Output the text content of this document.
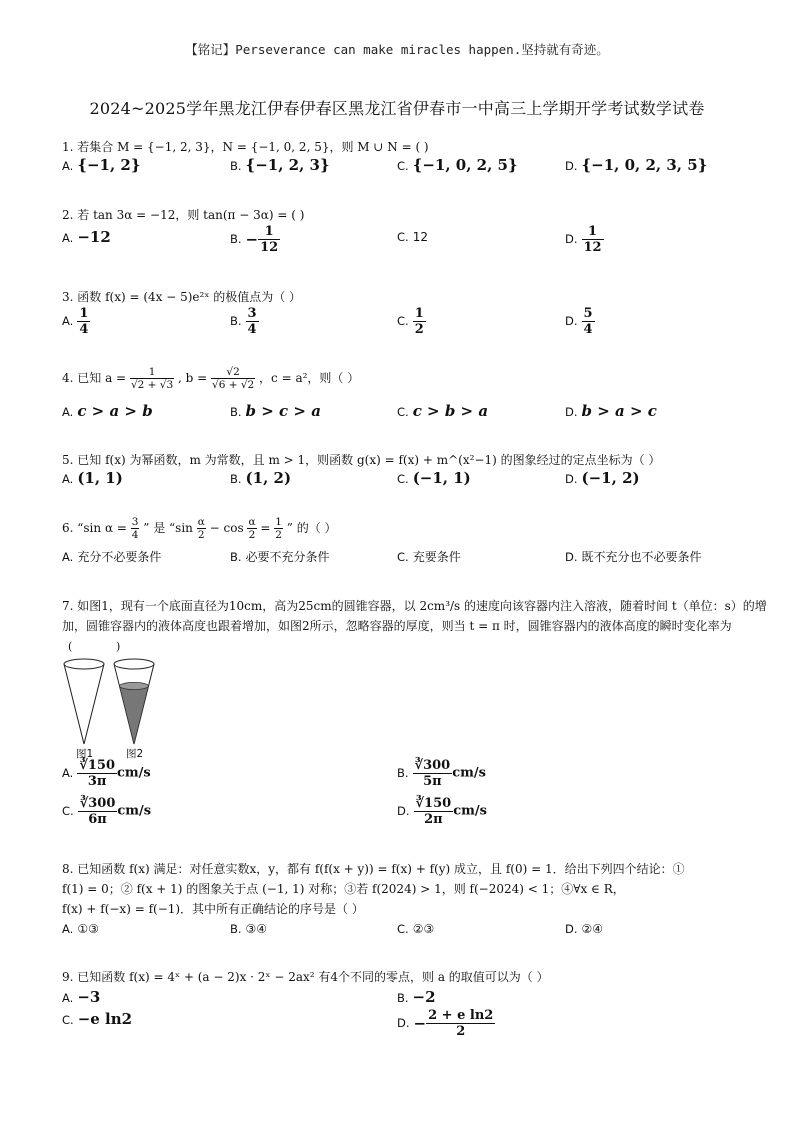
【铭记】Perseverance can make miracles happen.坚持就有奇迹。
2024~2025学年黑龙江伊春伊春区黑龙江省伊春市一中高三上学期开学考试数学试卷
1. 若集合 M = {−1, 2, 3}，N = {−1, 0, 2, 5}，则 M ∪ N = ( )
A. {−1, 2}	B. {−1, 2, 3}	C. {−1, 0, 2, 5}	D. {−1, 0, 2, 3, 5}
2. 若 tan 3α = −12，则 tan(π − 3α) = ( )
A. −12	B. − $\frac{1}{12}$	C. 12	D. $\frac{1}{12}$
3. 函数 f(x) = (4x − 5)e²ˣ 的极值点为（ ）
A. $\frac{1}{4}$	B. $\frac{3}{4}$	C. $\frac{1}{2}$	D. $\frac{5}{4}$
4. 已知 $a = \frac{1}{√2 + √3}$ , $b = \frac{√2}{√6 + √2}$ ，c = a²，则（ ）
A. c > a > b	B. b > c > a	C. c > b > a	D. b > a > c
5. 已知 f(x) 为幂函数，m 为常数，且 m > 1，则函数 g(x) = f(x) + m^(x²−1) 的图象经过的定点坐标为（ ）
A. (1, 1)	B. (1, 2)	C. (−1, 1)	D. (−1, 2)
6. “sin $\alpha = \frac{3}{4}$ ” 是 “$\sin \frac{\alpha}{2} - \cos \frac{\alpha}{2} = \frac{1}{2}$ ” 的（ ）
A. 充分不必要条件	B. 必要不充分条件	C. 充要条件	D. 既不充分也不必要条件
7. 如图1，现有一个底面直径为10cm，高为25cm的圆锥容器，以 2cm³/s 的速度向该容器内注入溶液，随着时间 t（单位：s）的增
加，圆锥容器内的液体高度也跟着增加，如图2所示，忽略容器的厚度，则当 t = π 时，圆锥容器内的液体高度的瞬时变化率为
(	)
图1	图2
A. $\frac{∛150}{3\pi} cm/s$	B. $\frac{∛300}{5\pi} cm/s$
C. $\frac{∛300}{6\pi} cm/s$	D. $\frac{∛150}{2\pi} cm/s$
8. 已知函数 f(x) 满足：对任意实数x，y，都有 f(f(x + y)) = f(x) + f(y) 成立，且 f(0) = 1．给出下列四个结论：①
f(1) = 0；② f(x + 1) 的图象关于点 (−1, 1) 对称；③若 f(2024) > 1，则 f(−2024) < 1；④∀x ∈ R，
f(x) + f(−x) = f(−1)．其中所有正确结论的序号是（ ）
A. ①③	B. ③④	C. ②③	D. ②④
9. 已知函数 f(x) = 4ˣ + (a − 2)x · 2ˣ − 2ax² 有4个不同的零点，则 a 的取值可以为（ ）
A. −3	B. −2
C. −e ln2	D. − $\frac{\text{2 + e ln2}}{2}$
